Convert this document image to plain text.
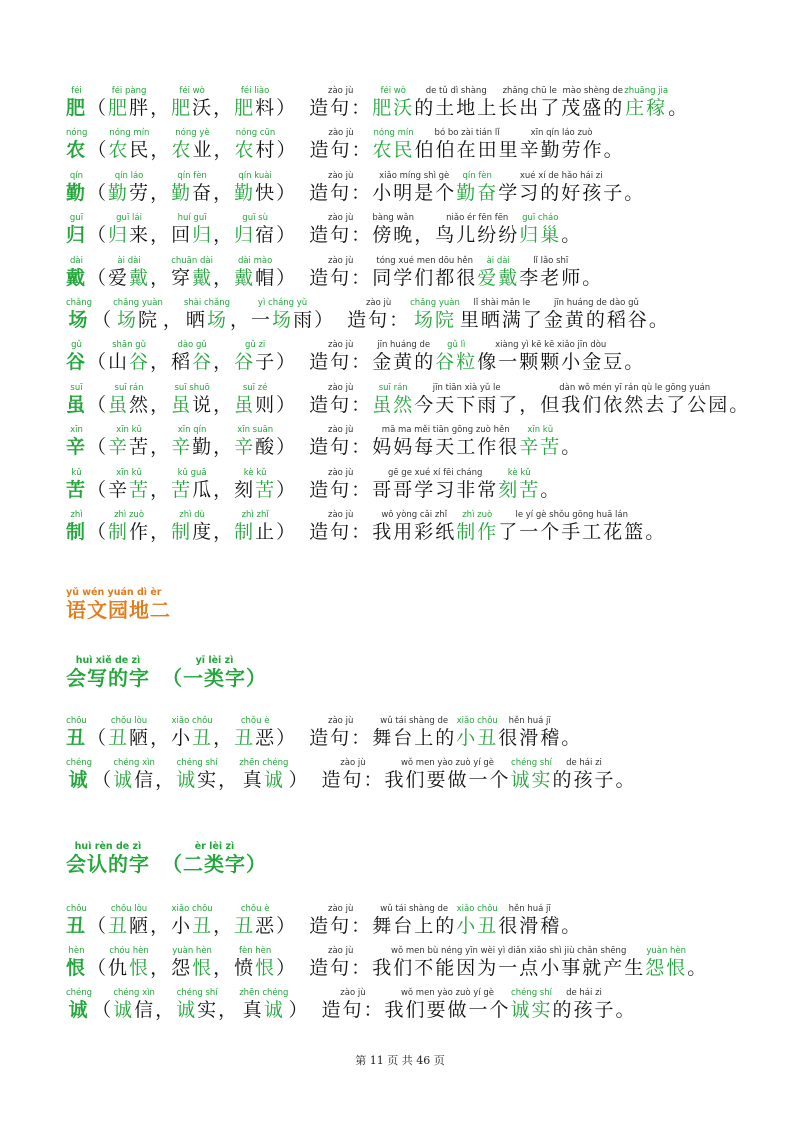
féi
肥
（
féi pàng
肥胖
，
féi wò
肥沃
，
féi liào
肥料
）
zào jù
造句：
féi wò
肥沃
de tǔ dì shàng
的土地上
zhǎng chū le
长出了
mào shèng de
茂盛的
zhuāng jia
庄稼
。
nóng
农
（
nóng mín
农民
，
nóng yè
农业
，
nóng cūn
农村
）
zào jù
造句：
nóng mín
农民
bó bo zài tián lǐ
伯伯在田里
xīn qín láo zuò
辛勤劳作
。
qín
勤
（
qín láo
勤劳
，
qín fèn
勤奋
，
qín kuài
勤快
）
zào jù
造句：
xiǎo míng shì gè
小明是个
qín fèn
勤奋
xué xí de hǎo hái zi
学习的好孩子
。
guī
归
（
guī lái
归来
，
huí guī
回归
，
guī sù
归宿
）
zào jù
造句：
bàng wǎn
傍晚
，
niǎo ér fēn fēn
鸟儿纷纷
guī cháo
归巢
。
dài
戴
（
ài dài
爱戴
，
chuān dài
穿戴
，
dài mào
戴帽
）
zào jù
造句：
tóng xué men dōu hěn
同学们都很
ài dài
爱戴
lǐ lǎo shī
李老师
。
chǎng
场
（
chǎng yuàn
场院
，
shài chǎng
晒场
，
yì cháng yǔ
一场雨
）
zào jù
造句：
chǎng yuàn
场院
lǐ shài mǎn le
里晒满了
jīn huáng de dào gǔ
金黄的稻谷
。
gǔ
谷
（
shān gǔ
山谷
，
dào gǔ
稻谷
，
gǔ zi
谷子
）
zào jù
造句：
jīn huáng de
金黄的
gǔ lì
谷粒
xiàng yì kē kē xiǎo jīn dòu
像一颗颗小金豆
。
suī
虽
（
suī rán
虽然
，
suī shuō
虽说
，
suī zé
虽则
）
zào jù
造句：
suī rán
虽然
jīn tiān xià yǔ le
今天下雨了
，
dàn wǒ mén yī rán qù le gōng yuán
但我们依然去了公园
。
xīn
辛
（
xīn kǔ
辛苦
，
xīn qín
辛勤
，
xīn suān
辛酸
）
zào jù
造句：
mā ma měi tiān gōng zuò hěn
妈妈每天工作很
xīn kǔ
辛苦
。
kǔ
苦
（
xīn kǔ
辛苦
，
kǔ guā
苦瓜
，
kè kǔ
刻苦
）
zào jù
造句：
gē ge xué xí fēi cháng
哥哥学习非常
kè kǔ
刻苦
。
zhì
制
（
zhì zuò
制作
，
zhì dù
制度
，
zhì zhǐ
制止
）
zào jù
造句：
wǒ yòng cǎi zhǐ
我用彩纸
zhì zuò
制作
le yí gè shǒu gōng huā lán
了一个手工花篮
。
yǔ wén yuán dì èr
语文园地二
huì xiě de zì
会写的字
yī lèi zì
（一类字）
chǒu
丑
（
chǒu lòu
丑陋
，
xiǎo chǒu
小丑
，
chǒu è
丑恶
）
zào jù
造句：
wǔ tái shàng de
舞台上的
xiǎo chǒu
小丑
hěn huá jī
很滑稽
。
chéng
诚
（
chéng xìn
诚信
，
chéng shí
诚实
，
zhēn chéng
真诚
）
zào jù
造句：
wǒ men yào zuò yí gè
我们要做一个
chéng shí
诚实
de hái zi
的孩子
。
huì rèn de zì
会认的字
èr lèi zì
（二类字）
chǒu
丑
（
chǒu lòu
丑陋
，
xiǎo chǒu
小丑
，
chǒu è
丑恶
）
zào jù
造句：
wǔ tái shàng de
舞台上的
xiǎo chǒu
小丑
hěn huá jī
很滑稽
。
hèn
恨
（
chóu hèn
仇恨
，
yuàn hèn
怨恨
，
fèn hèn
愤恨
）
zào jù
造句：
wǒ men bù néng yīn wèi yì diǎn xiǎo shì jiù chǎn shēng
我们不能因为一点小事就产生
yuàn hèn
怨恨
。
chéng
诚
（
chéng xìn
诚信
，
chéng shí
诚实
，
zhēn chéng
真诚
）
zào jù
造句：
wǒ men yào zuò yí gè
我们要做一个
chéng shí
诚实
de hái zi
的孩子
。
第 11 页 共 46 页
